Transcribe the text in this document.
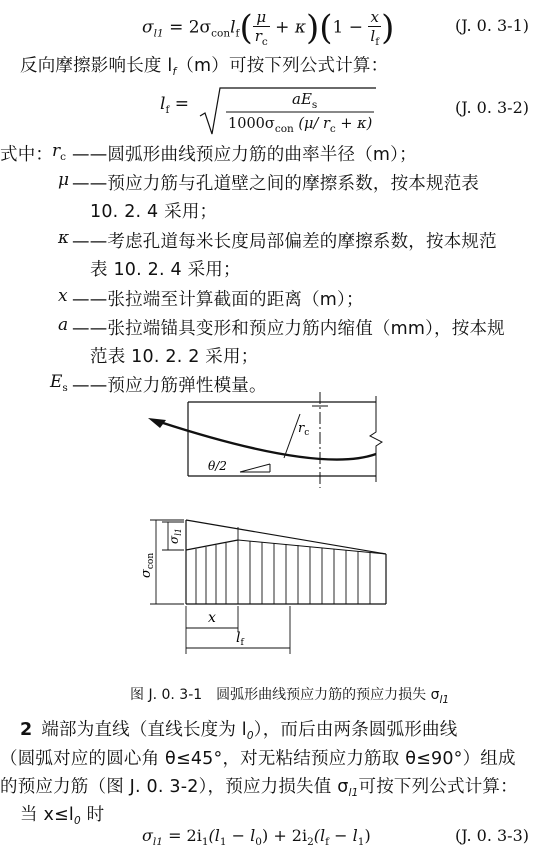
$\sigma_{l1} = 2\sigma_{con}l_f( \frac{\mu}{r_c} + \kappa)(1 - \frac{x}{l_f}$ )	(J. 0. 3-1)
反向摩擦影响长度 $l_f(m)$可按下列公式计算：
$l_f$ =	$aE_s$
$1000\sigma_{con}$ (μ/ $r_c + \kappa$)
(J. 0. 3-2)
式中：
$r_c$ ——圆弧形曲线预应力筋的曲率半径（m）；
μ ——预应力筋与孔道壁之间的摩擦系数，按本规范表
10. 2. 4 采用；
κ ——考虑孔道每米长度局部偏差的摩擦系数，按本规范
表 10. 2. 4 采用；
x ——张拉端至计算截面的距离（m）；
a ——张拉端锚具变形和预应力筋内缩值（mm），按本规
范表 10. 2. 2 采用；
$E_s$ ——预应力筋弹性模量。
$r_c$
θ/2
$\sigma_{con}$
$\sigma_{l1}$
x
$l_f$
图 J. 0. 3-1　圆弧形曲线预应力筋的预应力损失 $\sigma_{l1}$
2  端部为直线（直线长度为 $l_0$），而后由两条圆弧形曲线
（圆弧对应的圆心角 θ≤45°，对无粘结预应力筋取 θ≤90°）组成
的预应力筋（图 J. 0. 3-2），预应力损失值 $\sigma_{l1}$可按下列公式计算：
当 $x\le l_0$ 时
$\sigma_{l1} = 2i_1(l_1 - l_0) + 2i_2(l_f - l_1)$	(J. 0. 3-3)
